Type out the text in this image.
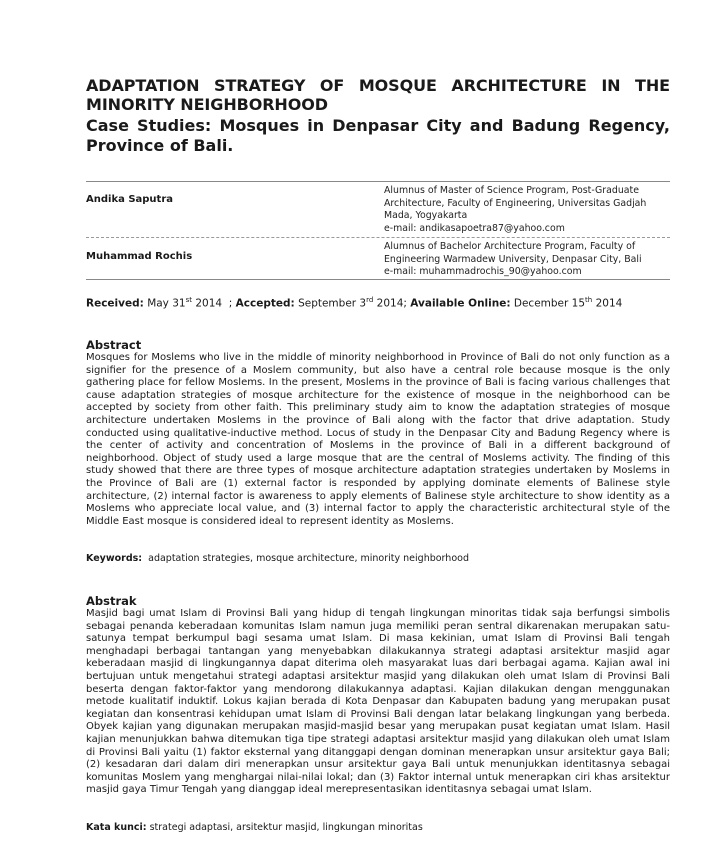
ADAPTATION STRATEGY OF MOSQUE ARCHITECTURE IN THE
MINORITY NEIGHBORHOOD
Case Studies: Mosques in Denpasar City and Badung Regency,
Province of Bali.
Andika Saputra
Alumnus of Master of Science Program, Post-Graduate
Architecture, Faculty of Engineering, Universitas Gadjah
Mada, Yogyakarta
e-mail: andikasapoetra87@yahoo.com
Muhammad Rochis
Alumnus of Bachelor Architecture Program, Faculty of
Engineering Warmadew University, Denpasar City, Bali
e-mail: muhammadrochis_90@yahoo.com
Received: May 31st 2014  ; Accepted: September 3rd 2014; Available Online: December 15th 2014
Abstract

Mosques for Moslems who live in the middle of minority neighborhood in Province of Bali do not only function as a signifier for the presence of a Moslem community, but also have a central role because mosque is the only gathering place for fellow Moslems. In the present, Moslems in the province of Bali is facing various challenges that cause adaptation strategies of mosque architecture for the existence of mosque in the neighborhood can be accepted by society from other faith. This preliminary study aim to know the adaptation strategies of mosque architecture undertaken Moslems in the province of Bali along with the factor that drive adaptation. Study conducted using qualitative-inductive method. Locus of study in the Denpasar City and Badung Regency where is the center of activity and concentration of Moslems in the province of Bali in a different background of neighborhood. Object of study used a large mosque that are the central of Moslems activity. The finding of this study showed that there are three types of mosque architecture adaptation strategies undertaken by Moslems in the Province of Bali are (1) external factor is responded by applying dominate elements of Balinese style architecture, (2) internal factor is awareness to apply elements of Balinese style architecture to show identity as a Moslems who appreciate local value, and (3) internal factor to apply the characteristic architectural style of the Middle East mosque is considered ideal to represent identity as Moslems.

Keywords: adaptation strategies, mosque architecture, minority neighborhood
Abstrak

Masjid bagi umat Islam di Provinsi Bali yang hidup di tengah lingkungan minoritas tidak saja berfungsi simbolis sebagai penanda keberadaan komunitas Islam namun juga memiliki peran sentral dikarenakan merupakan satu-satunya tempat berkumpul bagi sesama umat Islam. Di masa kekinian, umat Islam di Provinsi Bali tengah menghadapi berbagai tantangan yang menyebabkan dilakukannya strategi adaptasi arsitektur masjid agar keberadaan masjid di lingkungannya dapat diterima oleh masyarakat luas dari berbagai agama. Kajian awal ini bertujuan untuk mengetahui strategi adaptasi arsitektur masjid yang dilakukan oleh umat Islam di Provinsi Bali beserta dengan faktor-faktor yang mendorong dilakukannya adaptasi. Kajian dilakukan dengan menggunakan metode kualitatif induktif. Lokus kajian berada di Kota Denpasar dan Kabupaten badung yang merupakan pusat kegiatan dan konsentrasi kehidupan umat Islam di Provinsi Bali dengan latar belakang lingkungan yang berbeda. Obyek kajian yang digunakan merupakan masjid-masjid besar yang merupakan pusat kegiatan umat Islam. Hasil kajian menunjukkan bahwa ditemukan tiga tipe strategi adaptasi arsitektur masjid yang dilakukan oleh umat Islam di Provinsi Bali yaitu (1) faktor eksternal yang ditanggapi dengan dominan menerapkan unsur arsitektur gaya Bali; (2) kesadaran dari dalam diri menerapkan unsur arsitektur gaya Bali untuk menunjukkan identitasnya sebagai komunitas Moslem yang menghargai nilai-nilai lokal; dan (3) Faktor internal untuk menerapkan ciri khas arsitektur masjid gaya Timur Tengah yang dianggap ideal merepresentasikan identitasnya sebagai umat Islam.

Kata kunci: strategi adaptasi, arsitektur masjid, lingkungan minoritas
